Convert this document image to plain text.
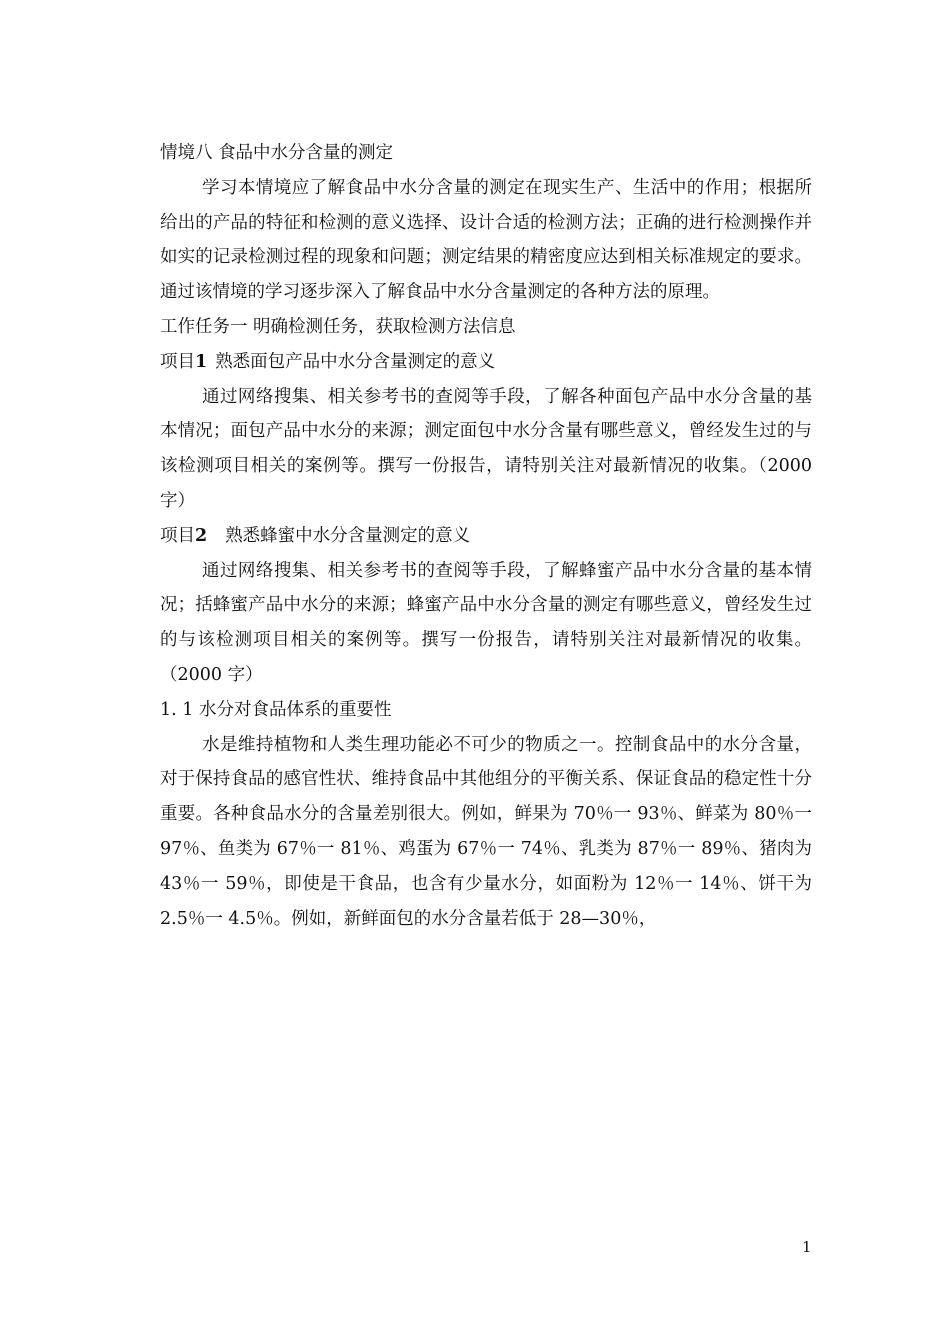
情境八 食品中水分含量的测定

学习本情境应了解食品中水分含量的测定在现实生产、生活中的作用；根据所给出的产品的特征和检测的意义选择、设计合适的检测方法；正确的进行检测操作并如实的记录检测过程的现象和问题；测定结果的精密度应达到相关标准规定的要求。通过该情境的学习逐步深入了解食品中水分含量测定的各种方法的原理。

工作任务一 明确检测任务，获取检测方法信息

项目1 熟悉面包产品中水分含量测定的意义

通过网络搜集、相关参考书的查阅等手段，了解各种面包产品中水分含量的基本情况；面包产品中水分的来源；测定面包中水分含量有哪些意义，曾经发生过的与该检测项目相关的案例等。撰写一份报告，请特别关注对最新情况的收集。（2000 字）

项目2 熟悉蜂蜜中水分含量测定的意义

通过网络搜集、相关参考书的查阅等手段，了解蜂蜜产品中水分含量的基本情况；括蜂蜜产品中水分的来源；蜂蜜产品中水分含量的测定有哪些意义，曾经发生过的与该检测项目相关的案例等。撰写一份报告，请特别关注对最新情况的收集。（2000 字）

1. 1 水分对食品体系的重要性

水是维持植物和人类生理功能必不可少的物质之一。控制食品中的水分含量，对于保持食品的感官性状、维持食品中其他组分的平衡关系、保证食品的稳定性十分重要。各种食品水分的含量差别很大。例如，鲜果为 70％一 93％、鲜菜为 80％一 97％、鱼类为 67％一 81％、鸡蛋为 67％一 74％、乳类为 87％一 89％、猪肉为 43％一 59％，即使是干食品，也含有少量水分，如面粉为 12％一 14％、饼干为 2.5％一 4.5％。例如，新鲜面包的水分含量若低于 28—30％，

1
